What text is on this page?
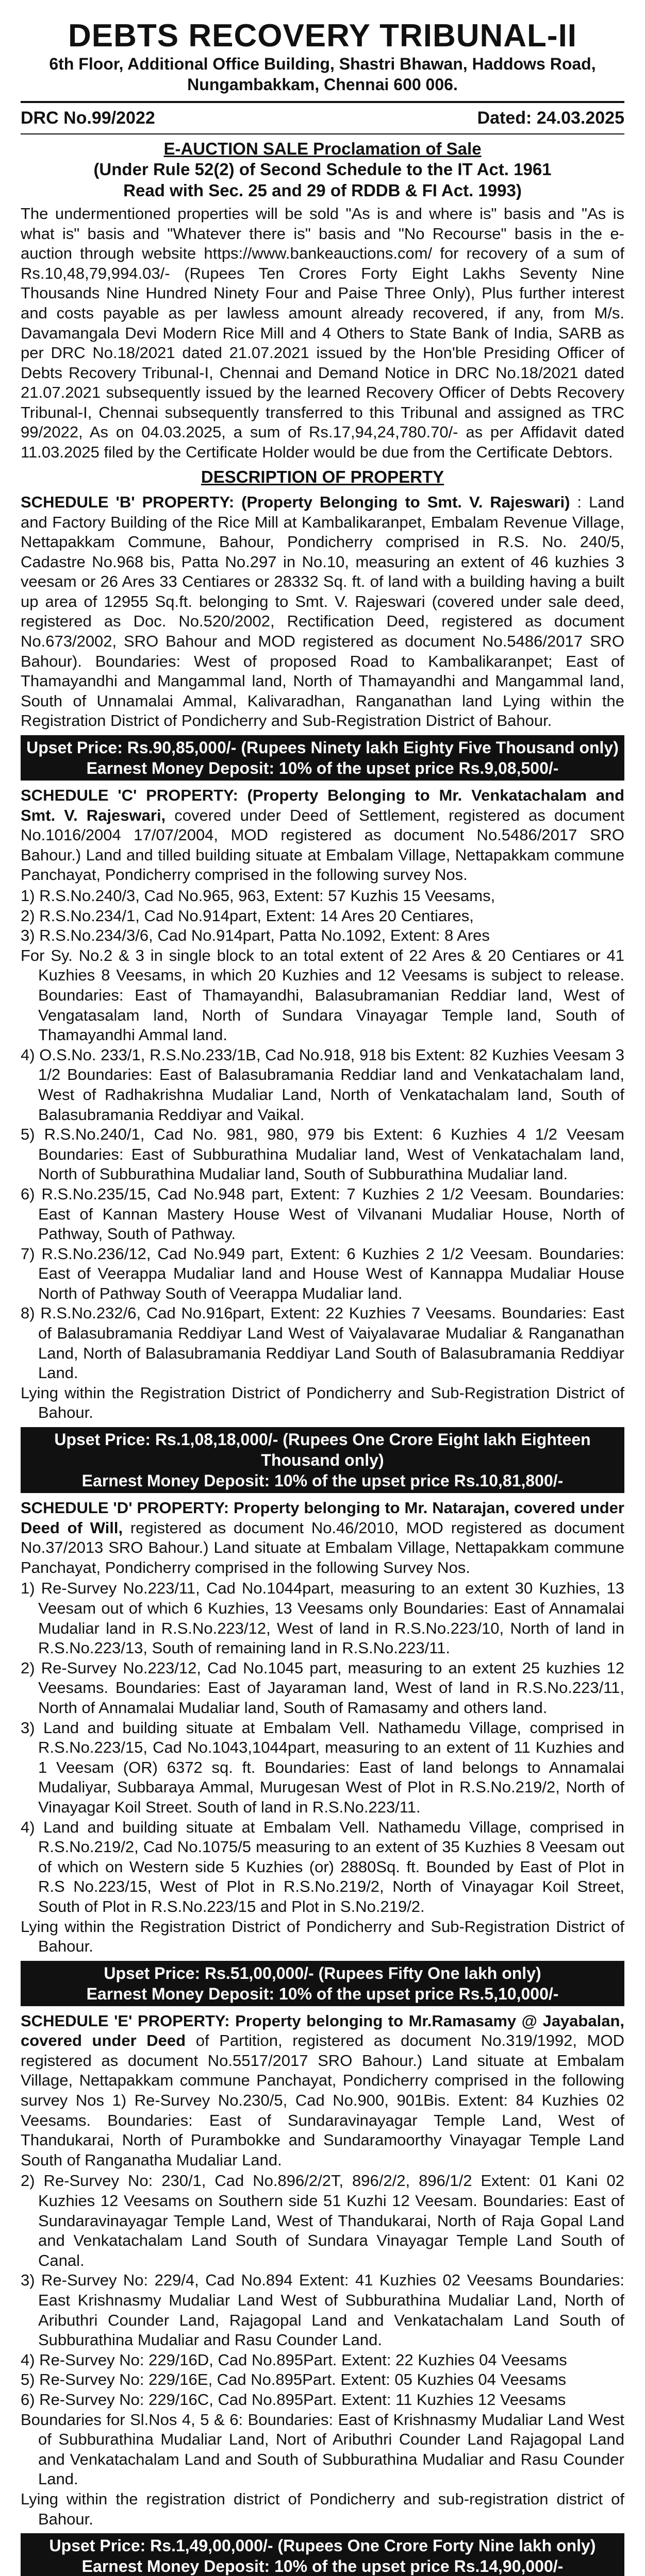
DEBTS RECOVERY TRIBUNAL-II
6th Floor, Additional Office Building, Shastri Bhawan, Haddows Road,
Nungambakkam, Chennai 600 006.
DRC No.99/2022	Dated: 24.03.2025
E-AUCTION SALE Proclamation of Sale
(Under Rule 52(2) of Second Schedule to the IT Act. 1961
Read with Sec. 25 and 29 of RDDB & FI Act. 1993)

The undermentioned properties will be sold "As is and where is" basis and "As is what is" basis and "Whatever there is" basis and "No Recourse" basis in the e-auction through website https://www.bankeauctions.com/ for recovery of a sum of Rs.10,48,79,994.03/- (Rupees Ten Crores Forty Eight Lakhs Seventy Nine Thousands Nine Hundred Ninety Four and Paise Three Only), Plus further interest and costs payable as per lawless amount already recovered, if any, from M/s. Davamangala Devi Modern Rice Mill and 4 Others to State Bank of India, SARB as per DRC No.18/2021 dated 21.07.2021 issued by the Hon'ble Presiding Officer of Debts Recovery Tribunal-I, Chennai and Demand Notice in DRC No.18/2021 dated 21.07.2021 subsequently issued by the learned Recovery Officer of Debts Recovery Tribunal-I, Chennai subsequently transferred to this Tribunal and assigned as TRC 99/2022, As on 04.03.2025, a sum of Rs.17,94,24,780.70/- as per Affidavit dated 11.03.2025 filed by the Certificate Holder would be due from the Certificate Debtors.

DESCRIPTION OF PROPERTY
SCHEDULE 'B' PROPERTY: (Property Belonging to Smt. V. Rajeswari) : Land and Factory Building of the Rice Mill at Kambalikaranpet, Embalam Revenue Village, Nettapakkam Commune, Bahour, Pondicherry comprised in R.S. No. 240/5, Cadastre No.968 bis, Patta No.297 in No.10, measuring an extent of 46 kuzhies 3 veesam or 26 Ares 33 Centiares or 28332 Sq. ft. of land with a building having a built up area of 12955 Sq.ft. belonging to Smt. V. Rajeswari (covered under sale deed, registered as Doc. No.520/2002, Rectification Deed, registered as document No.673/2002, SRO Bahour and MOD registered as document No.5486/2017 SRO Bahour). Boundaries: West of proposed Road to Kambalikaranpet; East of Thamayandhi and Mangammal land, North of Thamayandhi and Mangammal land, South of Unnamalai Ammal, Kalivaradhan, Ranganathan land Lying within the Registration District of Pondicherry and Sub-Registration District of Bahour.
Upset Price: Rs.90,85,000/- (Rupees Ninety lakh Eighty Five Thousand only)
Earnest Money Deposit: 10% of the upset price Rs.9,08,500/-
SCHEDULE 'C' PROPERTY: (Property Belonging to Mr. Venkatachalam and Smt. V. Rajeswari, covered under Deed of Settlement, registered as document No.1016/2004 17/07/2004, MOD registered as document No.5486/2017 SRO Bahour.) Land and tilled building situate at Embalam Village, Nettapakkam commune Panchayat, Pondicherry comprised in the following survey Nos.
1) R.S.No.240/3, Cad No.965, 963, Extent: 57 Kuzhis 15 Veesams,
2) R.S.No.234/1, Cad No.914part, Extent: 14 Ares 20 Centiares,
3) R.S.No.234/3/6, Cad No.914part, Patta No.1092, Extent: 8 Ares
For Sy. No.2 & 3 in single block to an total extent of 22 Ares & 20 Centiares or 41 Kuzhies 8 Veesams, in which 20 Kuzhies and 12 Veesams is subject to release. Boundaries: East of Thamayandhi, Balasubramanian Reddiar land, West of Vengatasalam land, North of Sundara Vinayagar Temple land, South of Thamayandhi Ammal land.
4) O.S.No. 233/1, R.S.No.233/1B, Cad No.918, 918 bis Extent: 82 Kuzhies Veesam 3 1/2 Boundaries: East of Balasubramania Reddiar land and Venkatachalam land, West of Radhakrishna Mudaliar Land, North of Venkatachalam land, South of Balasubramania Reddiyar and Vaikal.
5) R.S.No.240/1, Cad No. 981, 980, 979 bis Extent: 6 Kuzhies 4 1/2 Veesam Boundaries: East of Subburathina Mudaliar land, West of Venkatachalam land, North of Subburathina Mudaliar land, South of Subburathina Mudaliar land.
6) R.S.No.235/15, Cad No.948 part, Extent: 7 Kuzhies 2 1/2 Veesam. Boundaries: East of Kannan Mastery House West of Vilvanani Mudaliar House, North of Pathway, South of Pathway.
7) R.S.No.236/12, Cad No.949 part, Extent: 6 Kuzhies 2 1/2 Veesam. Boundaries: East of Veerappa Mudaliar land and House West of Kannappa Mudaliar House North of Pathway South of Veerappa Mudaliar land.
8) R.S.No.232/6, Cad No.916part, Extent: 22 Kuzhies 7 Veesams. Boundaries: East of Balasubramania Reddiyar Land West of Vaiyalavarae Mudaliar & Ranganathan Land, North of Balasubramania Reddiyar Land South of Balasubramania Reddiyar Land.
Lying within the Registration District of Pondicherry and Sub-Registration District of Bahour.
Upset Price: Rs.1,08,18,000/- (Rupees One Crore Eight lakh Eighteen Thousand only)
Earnest Money Deposit: 10% of the upset price Rs.10,81,800/-
SCHEDULE 'D' PROPERTY: Property belonging to Mr. Natarajan, covered under Deed of Will, registered as document No.46/2010, MOD registered as document No.37/2013 SRO Bahour.) Land situate at Embalam Village, Nettapakkam commune Panchayat, Pondicherry comprised in the following Survey Nos.
1) Re-Survey No.223/11, Cad No.1044part, measuring to an extent 30 Kuzhies, 13 Veesam out of which 6 Kuzhies, 13 Veesams only Boundaries: East of Annamalai Mudaliar land in R.S.No.223/12, West of land in R.S.No.223/10, North of land in R.S.No.223/13, South of remaining land in R.S.No.223/11.
2) Re-Survey No.223/12, Cad No.1045 part, measuring to an extent 25 kuzhies 12 Veesams. Boundaries: East of Jayaraman land, West of land in R.S.No.223/11, North of Annamalai Mudaliar land, South of Ramasamy and others land.
3) Land and building situate at Embalam Vell. Nathamedu Village, comprised in R.S.No.223/15, Cad No.1043,1044part, measuring to an extent of 11 Kuzhies and 1 Veesam (OR) 6372 sq. ft. Boundaries: East of land belongs to Annamalai Mudaliyar, Subbaraya Ammal, Murugesan West of Plot in R.S.No.219/2, North of Vinayagar Koil Street. South of land in R.S.No.223/11.
4) Land and building situate at Embalam Vell. Nathamedu Village, comprised in R.S.No.219/2, Cad No.1075/5 measuring to an extent of 35 Kuzhies 8 Veesam out of which on Western side 5 Kuzhies (or) 2880Sq. ft. Bounded by East of Plot in R.S No.223/15, West of Plot in R.S.No.219/2, North of Vinayagar Koil Street, South of Plot in R.S.No.223/15 and Plot in S.No.219/2.
Lying within the Registration District of Pondicherry and Sub-Registration District of Bahour.
Upset Price: Rs.51,00,000/- (Rupees Fifty One lakh only)
Earnest Money Deposit: 10% of the upset price Rs.5,10,000/-
SCHEDULE 'E' PROPERTY: Property belonging to Mr.Ramasamy @ Jayabalan, covered under Deed of Partition, registered as document No.319/1992, MOD registered as document No.5517/2017 SRO Bahour.) Land situate at Embalam Village, Nettapakkam commune Panchayat, Pondicherry comprised in the following survey Nos 1) Re-Survey No.230/5, Cad No.900, 901Bis. Extent: 84 Kuzhies 02 Veesams. Boundaries: East of Sundaravinayagar Temple Land, West of Thandukarai, North of Purambokke and Sundaramoorthy Vinayagar Temple Land South of Ranganatha Mudaliar Land.
2) Re-Survey No: 230/1, Cad No.896/2/2T, 896/2/2, 896/1/2 Extent: 01 Kani 02 Kuzhies 12 Veesams on Southern side 51 Kuzhi 12 Veesam. Boundaries: East of Sundaravinayagar Temple Land, West of Thandukarai, North of Raja Gopal Land and Venkatachalam Land South of Sundara Vinayagar Temple Land South of Canal.
3) Re-Survey No: 229/4, Cad No.894 Extent: 41 Kuzhies 02 Veesams Boundaries: East Krishnasmy Mudaliar Land West of Subburathina Mudaliar Land, North of Aributhri Counder Land, Rajagopal Land and Venkatachalam Land South of Subburathina Mudaliar and Rasu Counder Land.
4) Re-Survey No: 229/16D, Cad No.895Part. Extent: 22 Kuzhies 04 Veesams
5) Re-Survey No: 229/16E, Cad No.895Part. Extent: 05 Kuzhies 04 Veesams
6) Re-Survey No: 229/16C, Cad No.895Part. Extent: 11 Kuzhies 12 Veesams
Boundaries for Sl.Nos 4, 5 & 6: Boundaries: East of Krishnasmy Mudaliar Land West of Subburathina Mudaliar Land, Nort of Aributhri Counder Land Rajagopal Land and Venkatachalam Land and South of Subburathina Mudaliar and Rasu Counder Land.
Lying within the registration district of Pondicherry and sub-registration district of Bahour.
Upset Price: Rs.1,49,00,000/- (Rupees One Crore Forty Nine lakh only)
Earnest Money Deposit: 10% of the upset price Rs.14,90,000/-
